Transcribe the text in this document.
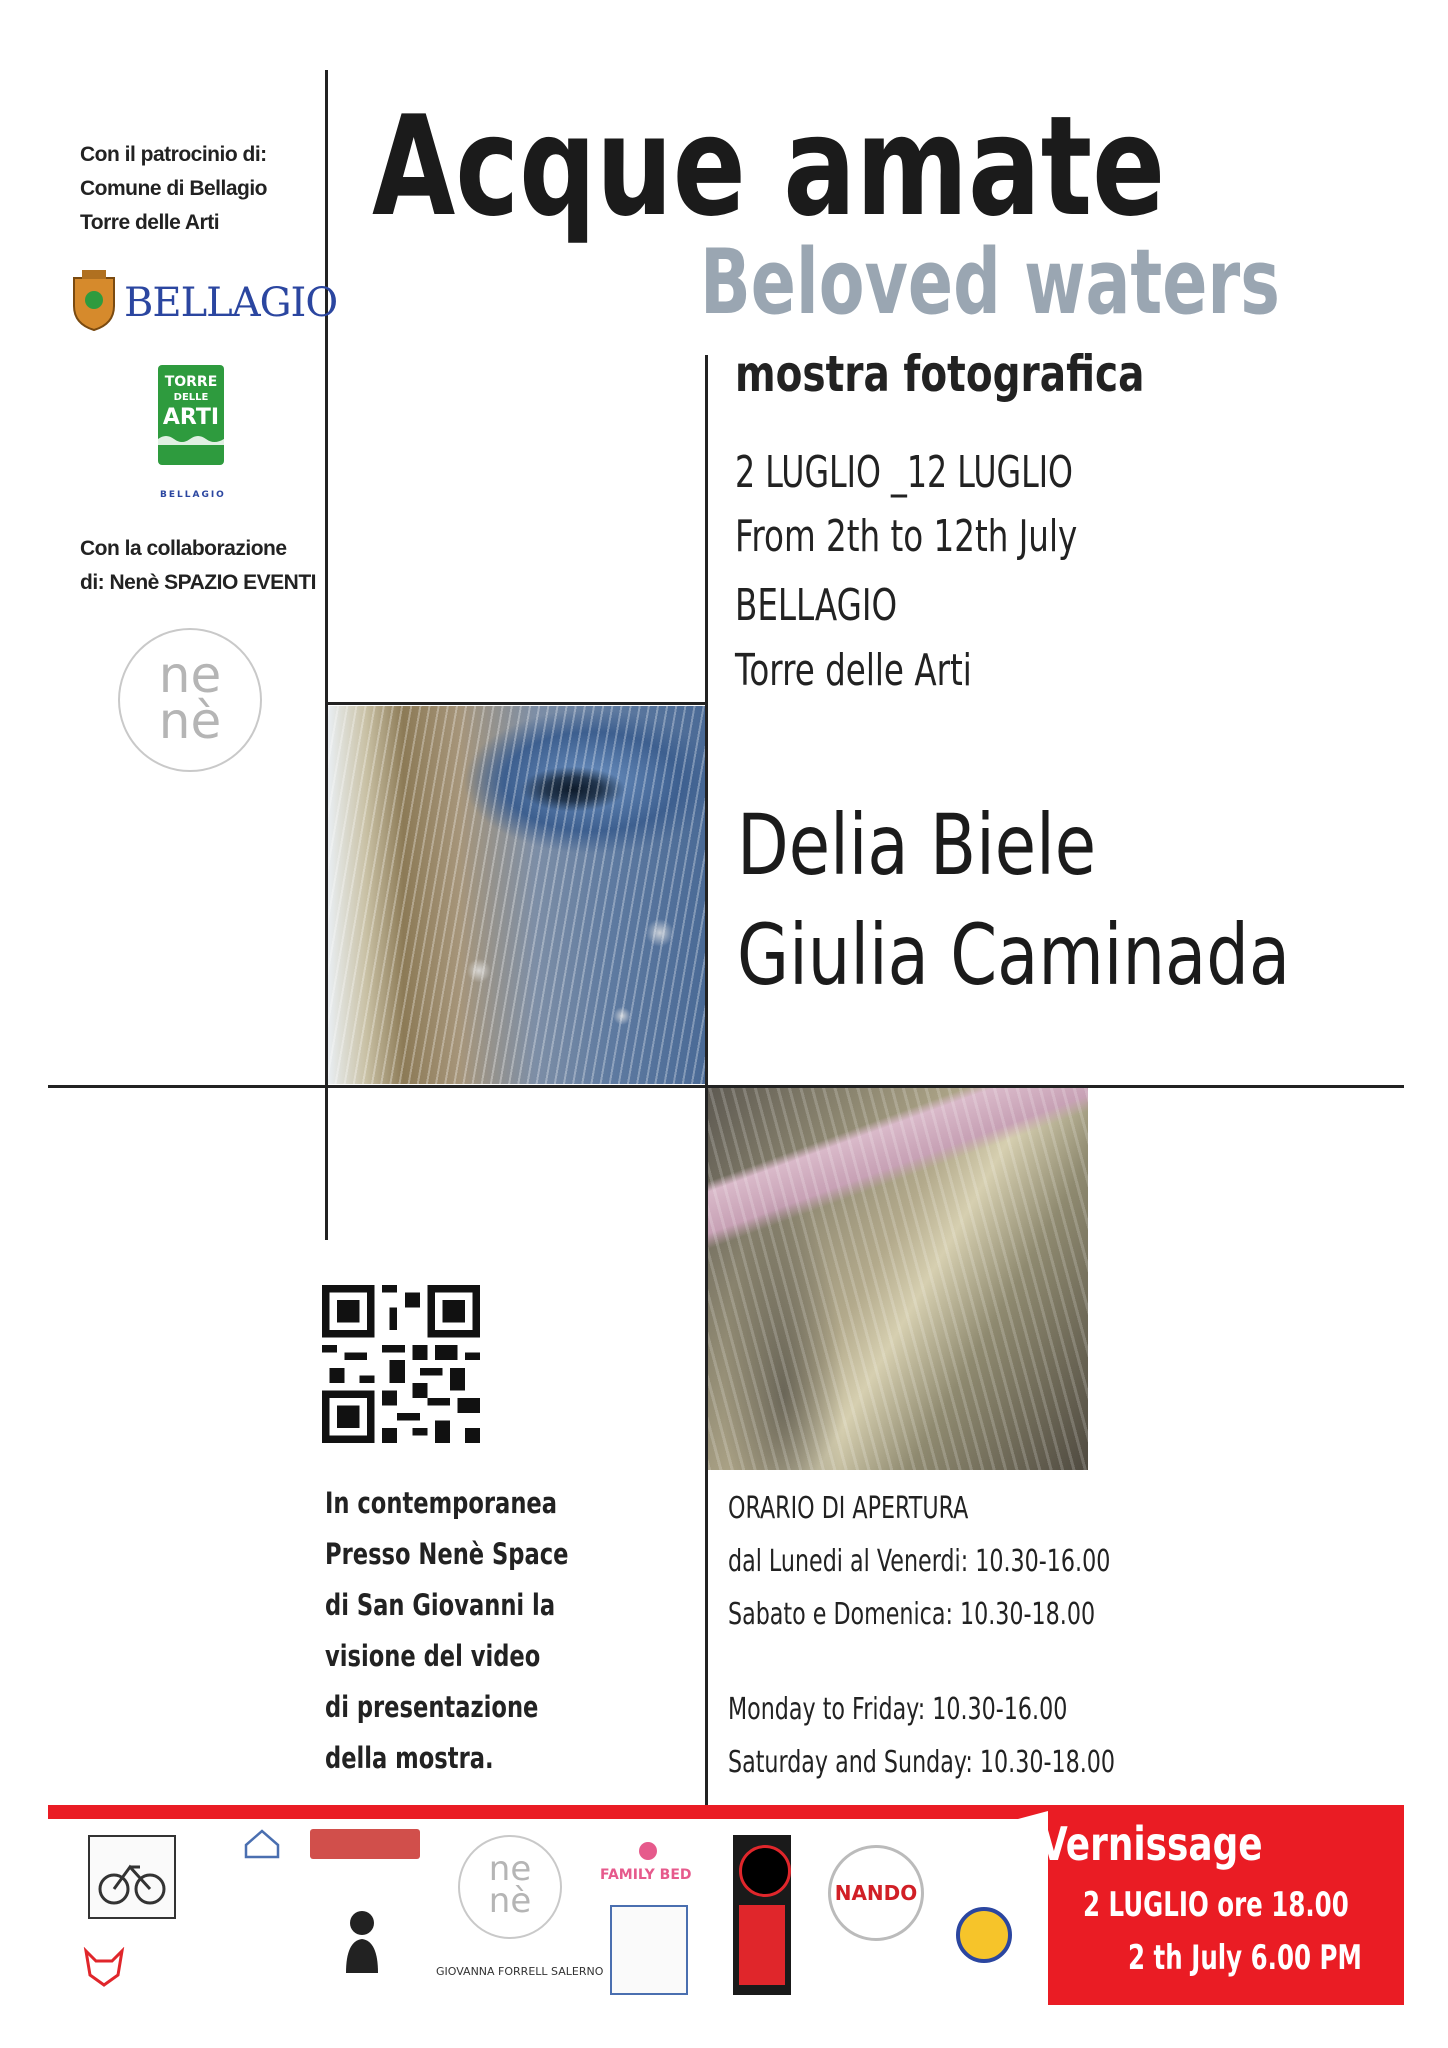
Con il patrocinio di:
Comune di Bellagio
Torre delle Arti
BELLAGIO
TORRE
DELLE
ARTI
BELLAGIO
Con la collaborazione
di: Nenè SPAZIO EVENTI
ne
nè
Acque amate
Beloved waters
mostra fotografica
2 LUGLIO _12 LUGLIO
From 2th to 12th July
BELLAGIO
Torre delle Arti
Delia Biele
Giulia Caminada
In contemporanea
Presso Nenè Space
di San Giovanni la
visione del video
di presentazione
della mostra.
ORARIO DI APERTURA
dal Lunedi al Venerdi: 10.30-16.00
Sabato e Domenica: 10.30-18.00
Monday to Friday: 10.30-16.00
Saturday and Sunday: 10.30-18.00
ne
nè
GIOVANNA FORRELL SALERNO
FAMILY BED
NANDO
Vernissage
2 LUGLIO ore 18.00
2 th July 6.00 PM
